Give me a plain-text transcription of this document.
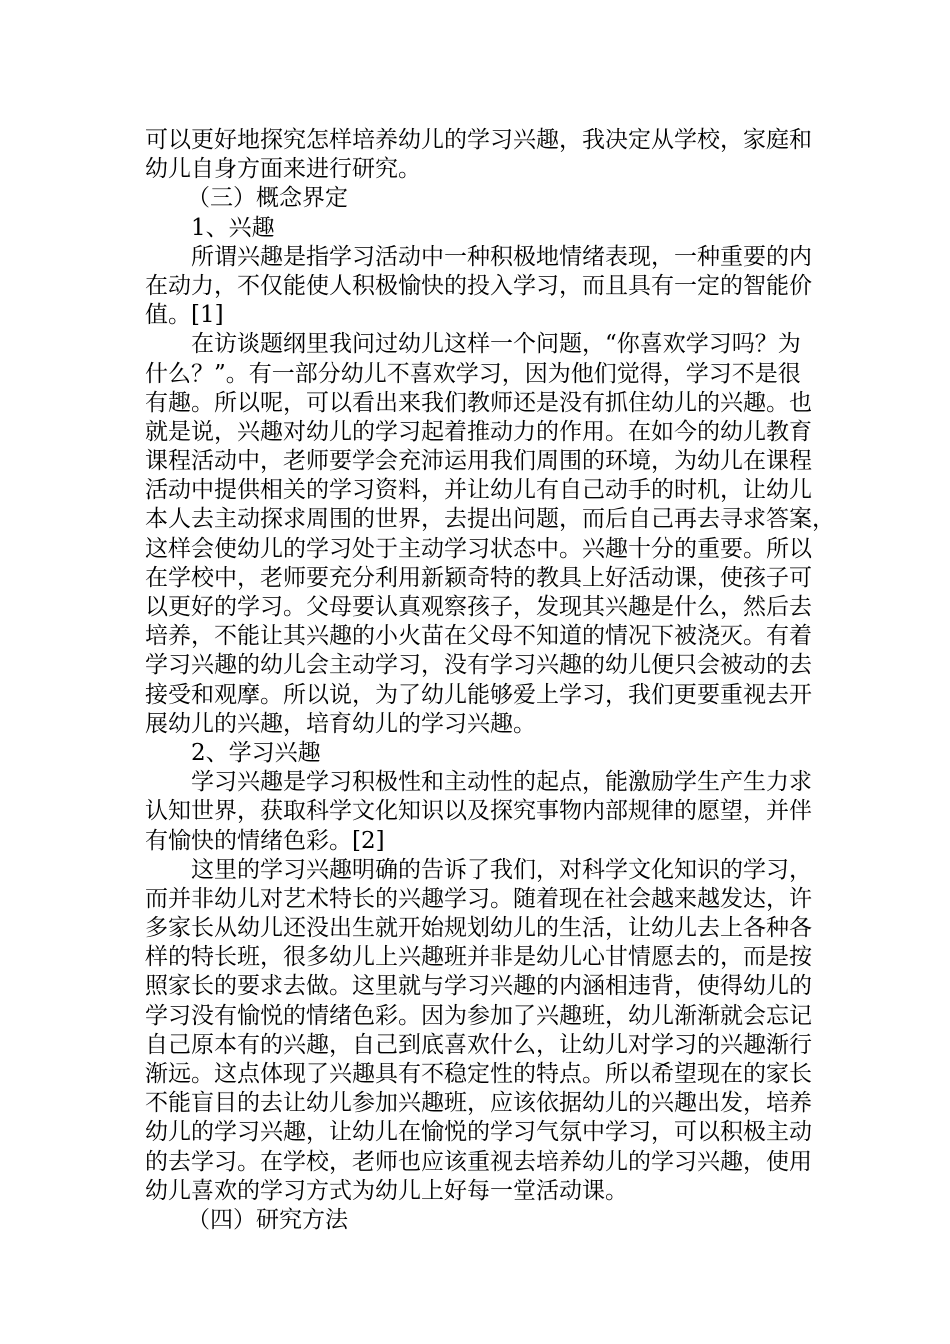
可以更好地探究怎样培养幼儿的学习兴趣，我决定从学校，家庭和
幼儿自身方面来进行研究。
（三）概念界定
1、兴趣
所谓兴趣是指学习活动中一种积极地情绪表现，一种重要的内
在动力，不仅能使人积极愉快的投入学习，而且具有一定的智能价
值。[1]
在访谈题纲里我问过幼儿这样一个问题，“你喜欢学习吗？为
什么？”。有一部分幼儿不喜欢学习，因为他们觉得，学习不是很
有趣。所以呢，可以看出来我们教师还是没有抓住幼儿的兴趣。也
就是说，兴趣对幼儿的学习起着推动力的作用。在如今的幼儿教育
课程活动中，老师要学会充沛运用我们周围的环境，为幼儿在课程
活动中提供相关的学习资料，并让幼儿有自己动手的时机，让幼儿
本人去主动探求周围的世界，去提出问题，而后自己再去寻求答案，
这样会使幼儿的学习处于主动学习状态中。兴趣十分的重要。所以
在学校中，老师要充分利用新颖奇特的教具上好活动课，使孩子可
以更好的学习。父母要认真观察孩子，发现其兴趣是什么，然后去
培养，不能让其兴趣的小火苗在父母不知道的情况下被浇灭。有着
学习兴趣的幼儿会主动学习，没有学习兴趣的幼儿便只会被动的去
接受和观摩。所以说，为了幼儿能够爱上学习，我们更要重视去开
展幼儿的兴趣，培育幼儿的学习兴趣。
2、学习兴趣
学习兴趣是学习积极性和主动性的起点，能激励学生产生力求
认知世界，获取科学文化知识以及探究事物内部规律的愿望，并伴
有愉快的情绪色彩。[2]
这里的学习兴趣明确的告诉了我们，对科学文化知识的学习，
而并非幼儿对艺术特长的兴趣学习。随着现在社会越来越发达，许
多家长从幼儿还没出生就开始规划幼儿的生活，让幼儿去上各种各
样的特长班，很多幼儿上兴趣班并非是幼儿心甘情愿去的，而是按
照家长的要求去做。这里就与学习兴趣的内涵相违背，使得幼儿的
学习没有愉悦的情绪色彩。因为参加了兴趣班，幼儿渐渐就会忘记
自己原本有的兴趣，自己到底喜欢什么，让幼儿对学习的兴趣渐行
渐远。这点体现了兴趣具有不稳定性的特点。所以希望现在的家长
不能盲目的去让幼儿参加兴趣班，应该依据幼儿的兴趣出发，培养
幼儿的学习兴趣，让幼儿在愉悦的学习气氛中学习，可以积极主动
的去学习。在学校，老师也应该重视去培养幼儿的学习兴趣，使用
幼儿喜欢的学习方式为幼儿上好每一堂活动课。
（四）研究方法
